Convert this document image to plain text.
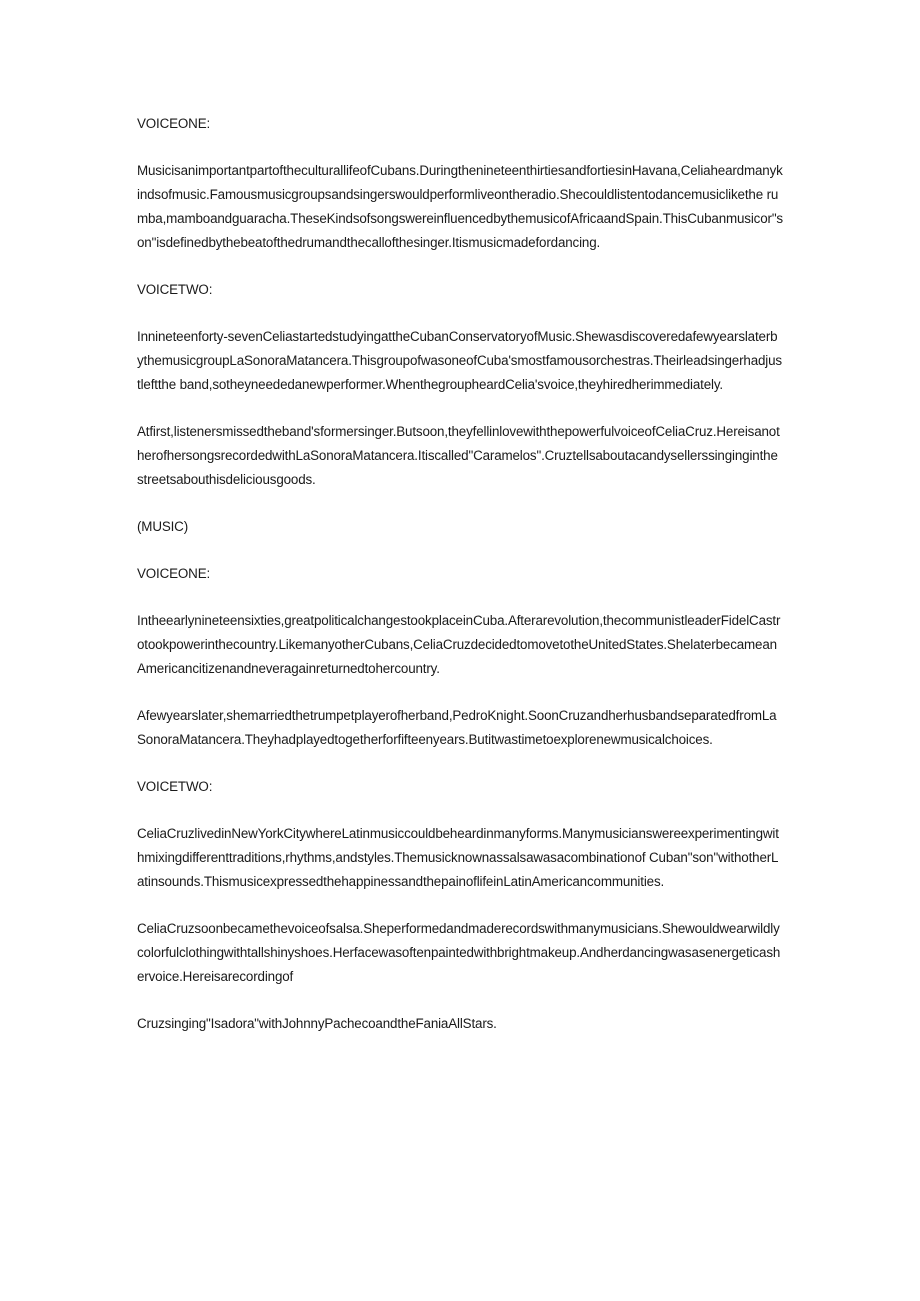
VOICEONE:

MusicisanimportantpartoftheculturallifeofCubans.DuringthenineteenthirtiesandfortiesinHavana,Celiaheardmanykindsofmusic.Famousmusicgroupsandsingerswouldperformliveontheradio.Shecouldlistentodancemusiclikethe rumba,mamboandguaracha.TheseKindsofsongswereinfluencedbythemusicofAfricaandSpain.ThisCubanmusicor"son"isdefinedbythebeatofthedrumandthecallofthesinger.Itismusicmadefordancing.

VOICETWO:

Innineteenforty-sevenCeliastartedstudyingattheCubanConservatoryofMusic.ShewasdiscoveredafewyearslaterbythemusicgroupLaSonoraMatancera.ThisgroupofwasoneofCuba'smostfamousorchestras.Theirleadsingerhadjustleftthe band,sotheyneededanewperformer.WhenthegroupheardCelia'svoice,theyhiredherimmediately.

Atfirst,listenersmissedtheband'sformersinger.Butsoon,theyfellinlovewiththepowerfulvoiceofCeliaCruz.HereisanotherofhersongsrecordedwithLaSonoraMatancera.Itiscalled"Caramelos".Cruztellsaboutacandysellerssinginginthestreetsabouthisdeliciousgoods.

(MUSIC)

VOICEONE:

Intheearlynineteensixties,greatpoliticalchangestookplaceinCuba.Afterarevolution,thecommunistleaderFidelCastrotookpowerinthecountry.LikemanyotherCubans,CeliaCruzdecidedtomovetotheUnitedStates.ShelaterbecameanAmericancitizenandneveragainreturnedtohercountry.

Afewyearslater,shemarriedthetrumpetplayerofherband,PedroKnight.SoonCruzandherhusbandseparatedfromLaSonoraMatancera.Theyhadplayedtogetherforfifteenyears.Butitwastimetoexplorenewmusicalchoices.

VOICETWO:

CeliaCruzlivedinNewYorkCitywhereLatinmusiccouldbeheardinmanyforms.Manymusicianswereexperimentingwithmixingdifferenttraditions,rhythms,andstyles.Themusicknownassalsawasacombinationof Cuban"son"withotherLatinsounds.ThismusicexpressedthehappinessandthepainoflifeinLatinAmericancommunities.

CeliaCruzsoonbecamethevoiceofsalsa.Sheperformedandmaderecordswithmanymusicians.Shewouldwearwildlycolorfulclothingwithtallshinyshoes.Herfacewasoftenpaintedwithbrightmakeup.Andherdancingwasasenergeticashervoice.Hereisarecordingof

Cruzsinging"Isadora"withJohnnyPachecoandtheFaniaAllStars.
